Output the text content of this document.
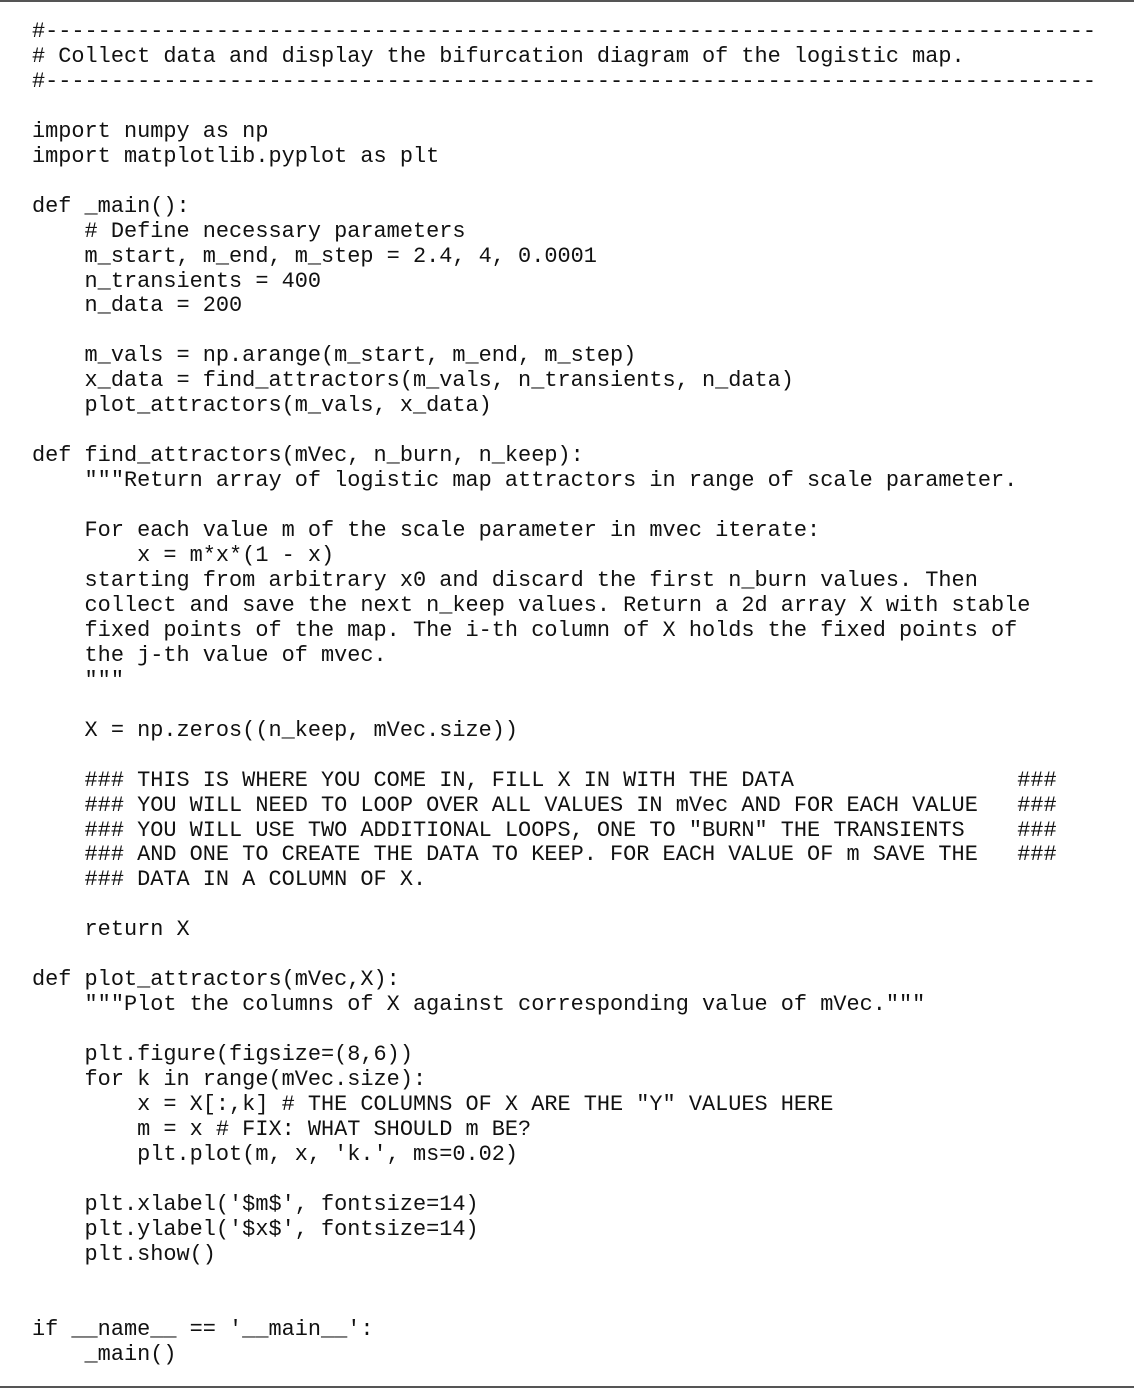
#--------------------------------------------------------------------------------
# Collect data and display the bifurcation diagram of the logistic map.
#--------------------------------------------------------------------------------
import numpy as np
import matplotlib.pyplot as plt
def _main():
# Define necessary parameters
m_start, m_end, m_step = 2.4, 4, 0.0001
n_transients = 400
n_data = 200
m_vals = np.arange(m_start, m_end, m_step)
x_data = find_attractors(m_vals, n_transients, n_data)
plot_attractors(m_vals, x_data)
def find_attractors(mVec, n_burn, n_keep):
"""Return array of logistic map attractors in range of scale parameter.
For each value m of the scale parameter in mvec iterate:
x = m*x*(1 - x)
starting from arbitrary x0 and discard the first n_burn values. Then
collect and save the next n_keep values. Return a 2d array X with stable
fixed points of the map. The i-th column of X holds the fixed points of
the j-th value of mvec.
"""
X = np.zeros((n_keep, mVec.size))
### THIS IS WHERE YOU COME IN, FILL X IN WITH THE DATA                 ###
### YOU WILL NEED TO LOOP OVER ALL VALUES IN mVec AND FOR EACH VALUE   ###
### YOU WILL USE TWO ADDITIONAL LOOPS, ONE TO "BURN" THE TRANSIENTS    ###
### AND ONE TO CREATE THE DATA TO KEEP. FOR EACH VALUE OF m SAVE THE   ###
### DATA IN A COLUMN OF X.
return X
def plot_attractors(mVec,X):
"""Plot the columns of X against corresponding value of mVec."""
plt.figure(figsize=(8,6))
for k in range(mVec.size):
x = X[:,k] # THE COLUMNS OF X ARE THE "Y" VALUES HERE
m = x # FIX: WHAT SHOULD m BE?
plt.plot(m, x, 'k.', ms=0.02)
plt.xlabel('$m$', fontsize=14)
plt.ylabel('$x$', fontsize=14)
plt.show()
if __name__ == '__main__':
_main()
